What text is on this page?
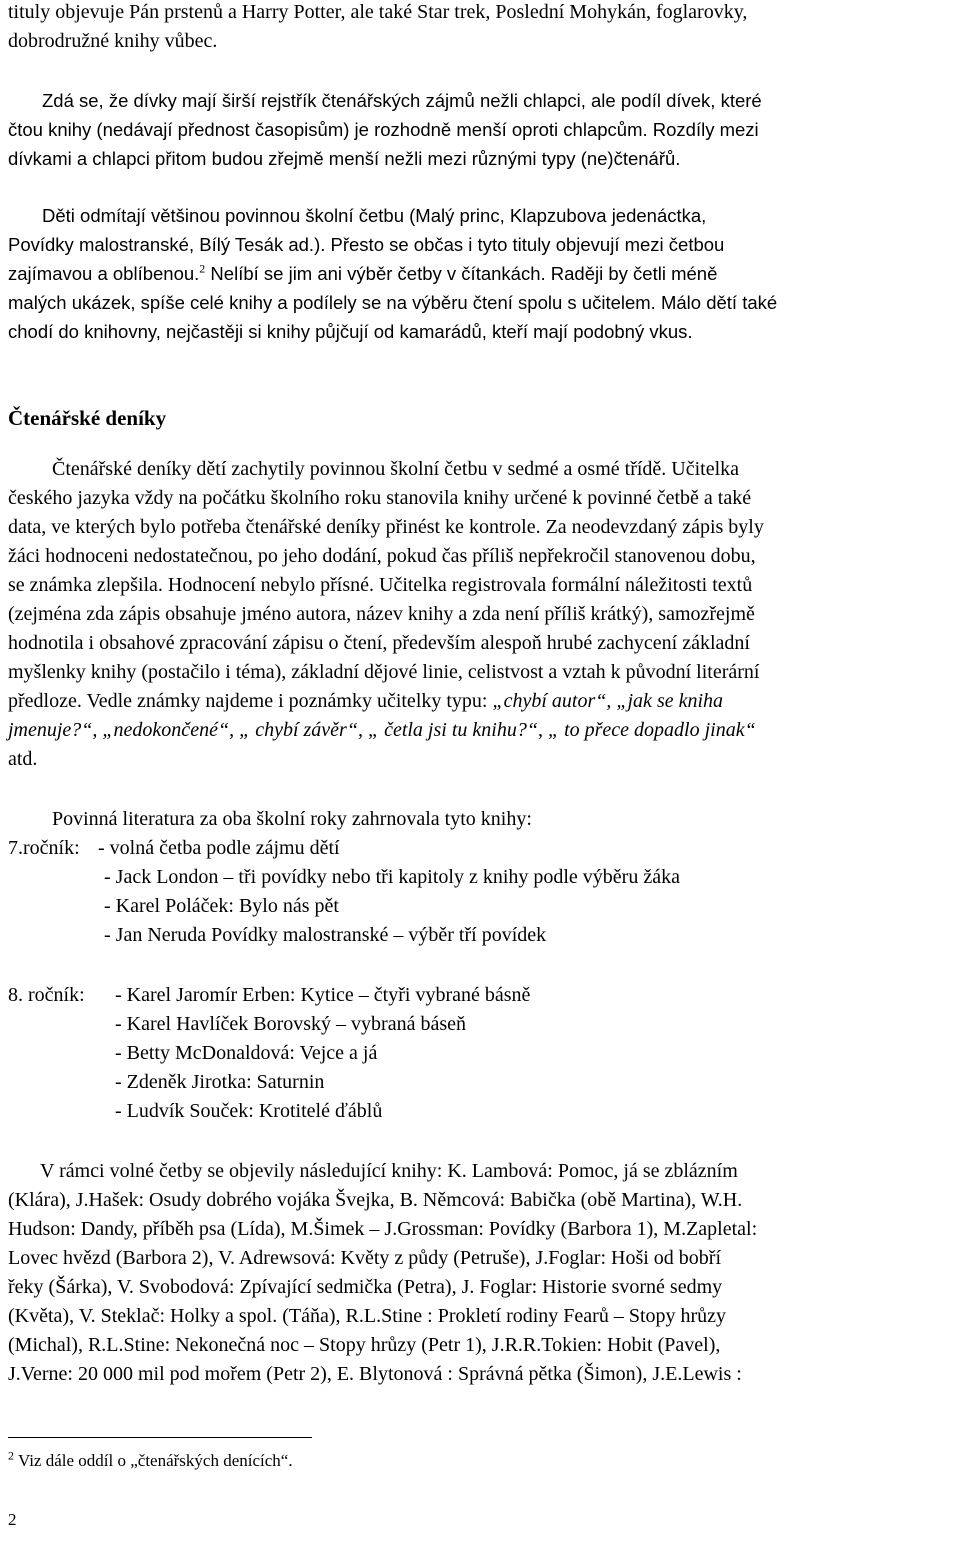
tituly objevuje Pán prstenů a Harry Potter, ale také Star trek, Poslední Mohykán, foglarovky,
dobrodružné knihy vůbec.
Zdá se, že dívky mají širší rejstřík čtenářských zájmů nežli chlapci, ale podíl dívek, které
čtou knihy (nedávají přednost časopisům) je rozhodně menší oproti chlapcům. Rozdíly mezi
dívkami a chlapci přitom budou zřejmě menší nežli mezi různými typy (ne)čtenářů.
Děti odmítají většinou povinnou školní četbu (Malý princ, Klapzubova jedenáctka,
Povídky malostranské, Bílý Tesák ad.). Přesto se občas i tyto tituly objevují mezi četbou
zajímavou a oblíbenou.$^2$ Nelíbí se jim ani výběr četby v čítankách. Raději by četli méně
malých ukázek, spíše celé knihy a podílely se na výběru čtení spolu s učitelem. Málo dětí také
chodí do knihovny, nejčastěji si knihy půjčují od kamarádů, kteří mají podobný vkus.
Čtenářské deníky
Čtenářské deníky dětí zachytily povinnou školní četbu v sedmé a osmé třídě. Učitelka
českého jazyka vždy na počátku školního roku stanovila knihy určené k povinné četbě a také
data, ve kterých bylo potřeba čtenářské deníky přinést ke kontrole. Za neodevzdaný zápis byly
žáci hodnoceni nedostatečnou, po jeho dodání, pokud čas příliš nepřekročil stanovenou dobu,
se známka zlepšila. Hodnocení nebylo přísné. Učitelka registrovala formální náležitosti textů
(zejména zda zápis obsahuje jméno autora, název knihy a zda není příliš krátký), samozřejmě
hodnotila i obsahové zpracování zápisu o čtení, především alespoň hrubé zachycení základní
myšlenky knihy (postačilo i téma), základní dějové linie, celistvost a vztah k původní literární
předloze. Vedle známky najdeme i poznámky učitelky typu: „chybí autor“, „jak se kniha
jmenuje?“, „nedokončené“, „ chybí závěr“, „ četla jsi tu knihu?“, „ to přece dopadlo jinak“
atd.
Povinná literatura za oba školní roky zahrnovala tyto knihy:
7.ročník: - volná četba podle zájmu dětí
- Jack London – tři povídky nebo tři kapitoly z knihy podle výběru žáka
- Karel Poláček: Bylo nás pět
- Jan Neruda Povídky malostranské – výběr tří povídek
8. ročník: - Karel Jaromír Erben: Kytice – čtyři vybrané básně
- Karel Havlíček Borovský – vybraná báseň
- Betty McDonaldová: Vejce a já
- Zdeněk Jirotka: Saturnin
- Ludvík Souček: Krotitelé ďáblů
V rámci volné četby se objevily následující knihy: K. Lambová: Pomoc, já se zblázním
(Klára), J.Hašek: Osudy dobrého vojáka Švejka, B. Němcová: Babička (obě Martina), W.H.
Hudson: Dandy, příběh psa (Lída), M.Šimek – J.Grossman: Povídky (Barbora 1), M.Zapletal:
Lovec hvězd (Barbora 2), V. Adrewsová: Květy z půdy (Petruše), J.Foglar: Hoši od bobří
řeky (Šárka), V. Svobodová: Zpívající sedmička (Petra), J. Foglar: Historie svorné sedmy
(Květa), V. Steklač: Holky a spol. (Táňa), R.L.Stine : Prokletí rodiny Fearů – Stopy hrůzy
(Michal), R.L.Stine: Nekonečná noc – Stopy hrůzy (Petr 1), J.R.R.Tokien: Hobit (Pavel),
J.Verne: 20 000 mil pod mořem (Petr 2), E. Blytonová : Správná pětka (Šimon), J.E.Lewis :
$^2$ Viz dále oddíl o „čtenářských denících“.
2
